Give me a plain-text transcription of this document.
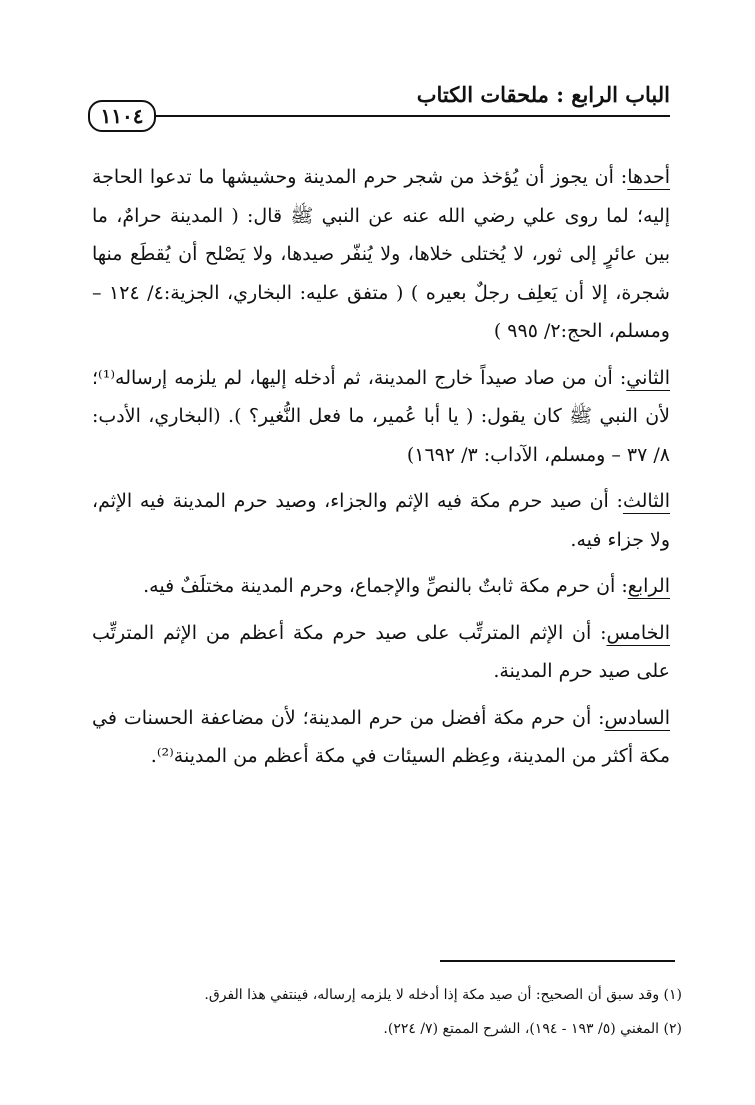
الباب الرابع : ملحقات الكتاب
١١٠٤

أحدها: أن يجوز أن يُؤخذ من شجر حرم المدينة وحشيشها ما تدعوا الحاجة إليه؛ لما روى علي رضي الله عنه عن النبي ﷺ قال: ( المدينة حرامٌ، ما بين عائرٍ إلى ثور، لا يُختلى خلاها، ولا يُنفّر صيدها، ولا يَصْلح أن يُقطَع منها شجرة، إلا أن يَعلِف رجلٌ بعيره ) ( متفق عليه: البخاري، الجزية:٤/ ١٢٤ – ومسلم، الحج:٢/ ٩٩٥ )

الثاني: أن من صاد صيداً خارج المدينة، ثم أدخله إليها، لم يلزمه إرساله⁽¹⁾؛ لأن النبي ﷺ كان يقول: ( يا أبا عُمير، ما فعل النُّغير؟ ). (البخاري، الأدب: ٨/ ٣٧ – ومسلم، الآداب: ٣/ ١٦٩٢)

الثالث: أن صيد حرم مكة فيه الإثم والجزاء، وصيد حرم المدينة فيه الإثم، ولا جزاء فيه.

الرابع: أن حرم مكة ثابتٌ بالنصِّ والإجماع، وحرم المدينة مختلَفٌ فيه.

الخامس: أن الإثم المترتِّب على صيد حرم مكة أعظم من الإثم المترتِّب على صيد حرم المدينة.

السادس: أن حرم مكة أفضل من حرم المدينة؛ لأن مضاعفة الحسنات في مكة أكثر من المدينة، وعِظم السيئات في مكة أعظم من المدينة⁽²⁾.

(١) وقد سبق أن الصحيح: أن صيد مكة إذا أدخله لا يلزمه إرساله، فينتفي هذا الفرق.

(٢) المغني (٥/ ١٩٣ - ١٩٤)، الشرح الممتع (٧/ ٢٢٤).
